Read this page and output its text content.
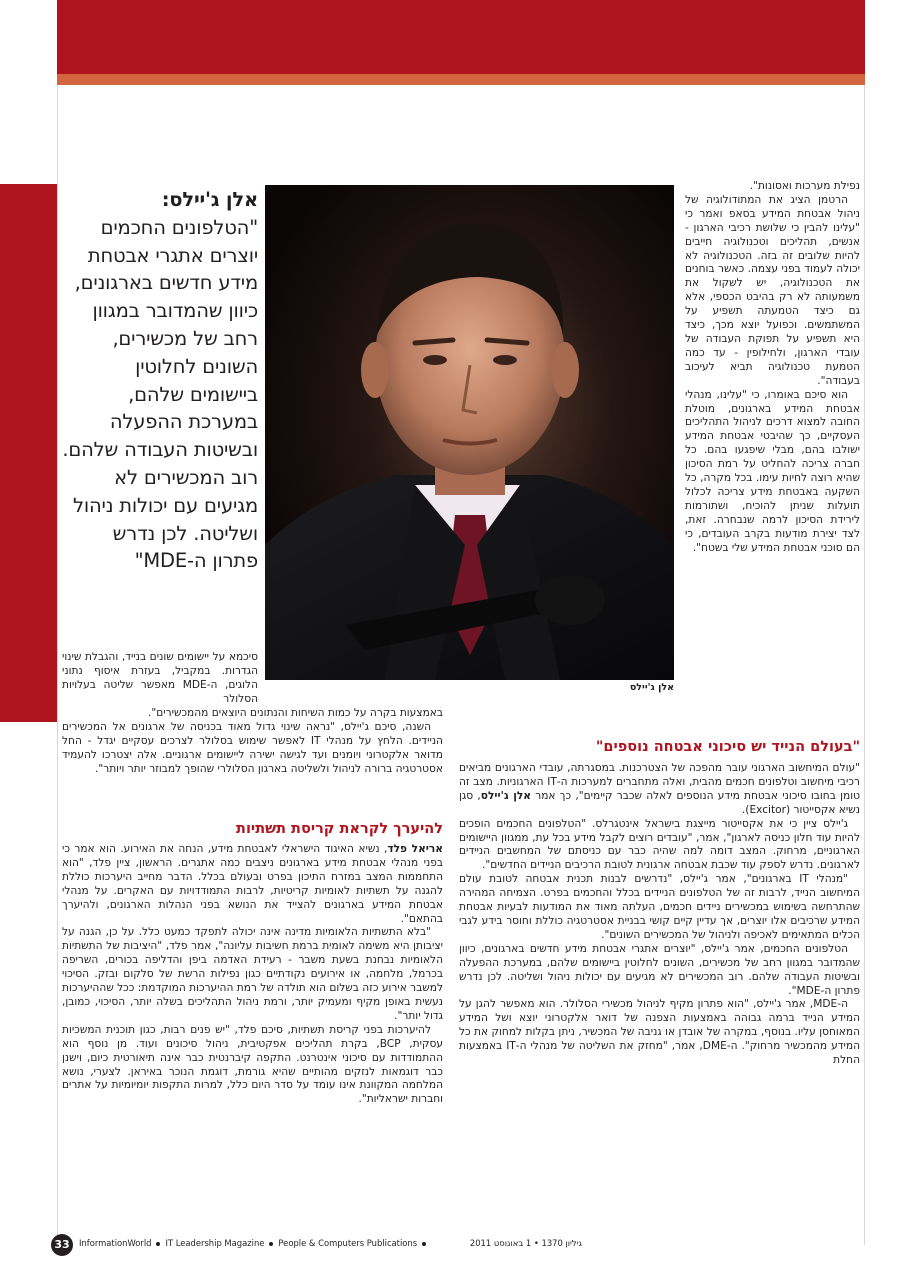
אלן ג'יילס:
"הטלפונים החכמים יוצרים אתגרי אבטחת מידע חדשים בארגונים, כיוון שהמדובר במגוון רחב של מכשירים, השונים לחלוטין ביישומים שלהם, במערכת ההפעלה ובשיטות העבודה שלהם. רוב המכשירים לא מגיעים עם יכולות ניהול ושליטה. לכן נדרש פתרון ה-MDE"
אלן ג'יילס

נפילת מערכות ואסונות".

הרטמן הציג את המתודולוגיה של ניהול אבטחת המידע בסאפ ואמר כי "עלינו להבין כי שלושת רכיבי הארגון - אנשים, תהליכים וטכנולוגיה חייבים להיות שלובים זה בזה. הטכנולוגיה לא יכולה לעמוד בפני עצמה. כאשר בוחנים את הטכנולוגיה, יש לשקול את משמעותה לא רק בהיבט הכספי, אלא גם כיצד הטמעתה תשפיע על המשתמשים. וכפועל יוצא מכך, כיצד היא תשפיע על תפוקת העבודה של עובדי הארגון, ולחילופין - עד כמה הטמעת טכנולוגיה תביא לעיכוב בעבודה".

הוא סיכם באומרו, כי "עלינו, מנהלי אבטחת המידע בארגונים, מוטלת החובה למצוא דרכים לניהול התהליכים העסקיים, כך שהיבטי אבטחת המידע ישולבו בהם, מבלי שיפגעו בהם. כל חברה צריכה להחליט על רמת הסיכון שהיא רוצה לחיות עימו. בכל מקרה, כל השקעה באבטחת מידע צריכה לכלול תועלות שניתן להוכיח, ושתורמות לירידת הסיכון לרמה שנבחרה. זאת, לצד יצירת מודעות בקרב העובדים, כי הם סוכני אבטחת המידע שלי בשטח".

סיכמא על יישומים שונים בנייד, והגבלת שינוי הגדרות. במקביל, בעזרת איסוף נתוני הלוגים, ה-MDE מאפשר שליטה בעלויות הסלולר

באמצעות בקרה על כמות השיחות והנתונים היוצאים מהמכשירים".

השנה, סיכם ג'יילס, "נראה שינוי גדול מאוד בכניסה של ארגונים אל המכשירים הניידים. הלחץ על מנהלי IT לאפשר שימוש בסלולר לצרכים עסקיים יגדל - החל מדואר אלקטרוני ויומנים ועד לגישה ישירה ליישומים ארגוניים. אלה יצטרכו להעמיד אסטרטגיה ברורה לניהול ולשליטה בארגון הסלולרי שהופך למבוזר יותר ויותר".

"בעולם הנייד יש סיכוני אבטחה נוספים"
להיערך לקראת קריסת תשתיות

אריאל פלד, נשיא האיגוד הישראלי לאבטחת מידע, הנחה את האירוע. הוא אמר כי בפני מנהלי אבטחת מידע בארגונים ניצבים כמה אתגרים. הראשון, ציין פלד, "הוא התחממות המצב במזרח התיכון בפרט ובעולם בכלל. הדבר מחייב היערכות כוללת להגנה על תשתיות לאומיות קריטיות, לרבות התמודדויות עם האקרים. על מנהלי אבטחת המידע בארגונים להצייד את הנושא בפני הנהלות הארגונים, ולהיערך בהתאם".

"בלא התשתיות הלאומיות מדינה אינה יכולה לתפקד כמעט כלל. על כן, הגנה על יציבותן היא משימה לאומית ברמת חשיבות עליונה", אמר פלד, "היציבות של התשתיות הלאומיות נבחנת בשעת משבר - רעידת האדמה ביפן והדליפה בכורים, השריפה בכרמל, מלחמה, או אירועים נקודתיים כגון נפילות הרשת של סלקום ובזק. הסיכוי למשבר אירוע כזה בשלום הוא תולדה של רמת ההיערכות המוקדמת: ככל שההיערכות נעשית באופן מקיף ומעמיק יותר, ורמת ניהול התהליכים בשלה יותר, הסיכוי, כמובן, גדול יותר".

להיערכות בפני קריסת תשתיות, סיכם פלד, "יש פנים רבות, כגון תוכנית המשכיות עסקית, BCP, בקרת תהליכים אפקטיבית, ניהול סיכונים ועוד. מן נוסף הוא ההתמודדות עם סיכוני אינטרנט. התקפה קיברנטית כבר אינה תיאורטית כיום, וישנן כבר דוגמאות לנזקים מהותיים שהיא גורמת, דוגמת הנוכר באיראן. לצערי, נושא המלחמה המקוונת אינו עומד על סדר היום כלל, למרות התקפות יומיומיות על אתרים וחברות ישראליות".

"עולם המיחשוב הארגוני עובר מהפכה של הצטרכנות. במסגרתה, עובדי הארגונים מביאים רכיבי מיחשוב וטלפונים חכמים מהבית, ואלה מתחברים למערכות ה-IT הארגוניות. מצב זה טומן בחובו סיכוני אבטחת מידע הנוספים לאלה שכבר קיימים", כך אמר אלן ג'יילס, סגן נשיא אקסייטור (Excitor).

ג'יילס ציין כי את אקסייטור מייצגת בישראל אינטגרלס. "הטלפונים החכמים הופכים להיות עוד חלון כניסה לארגון", אמר, "עובדים רוצים לקבל מידע בכל עת, ממגוון היישומים הארגוניים, מרחוק. המצב דומה למה שהיה כבר עם כניסתם של המחשבים הניידים לארגונים. נדרש לספק עוד שכבת אבטחה ארגונית לטובת הרכיבים הניידים החדשים".

"מנהלי IT בארגונים", אמר ג'יילס, "נדרשים לבנות תכנית אבטחה לטובת עולם המיחשוב הנייד, לרבות זה של הטלפונים הניידים בכלל והחכמים בפרט. הצמיחה המהירה שהתרחשה בשימוש במכשירים ניידים חכמים, העלתה מאוד את המודעות לבעיות אבטחת המידע שרכיבים אלו יוצרים, אך עדיין קיים קושי בבניית אסטרטגיה כוללת וחוסר בידע לגבי הכלים המתאימים לאכיפה ולניהול של המכשירים השונים".

הטלפונים החכמים, אמר ג'יילס, "יוצרים אתגרי אבטחת מידע חדשים בארגונים, כיוון שהמדובר במגוון רחב של מכשירים, השונים לחלוטין ביישומים שלהם, במערכת ההפעלה ובשיטות העבודה שלהם. רוב המכשירים לא מגיעים עם יכולות ניהול ושליטה. לכן נדרש פתרון ה-MDE".

ה-MDE, אמר ג'יילס, "הוא פתרון מקיף לניהול מכשירי הסלולר. הוא מאפשר להגן על המידע הנייד ברמה גבוהה באמצעות הצפנה של דואר אלקטרוני יוצא ושל המידע המאוחסן עליו. בנוסף, במקרה של אובדן או גניבה של המכשיר, ניתן בקלות למחוק את כל המידע מהמכשיר מרחוק". ה-DME, אמר, "מחזק את השליטה של מנהלי ה-IT באמצעות החלת

33	InformationWorld IT Leadership Magazine People & Computers Publications	גיליון 1370 • 1 באוגוסט 2011
